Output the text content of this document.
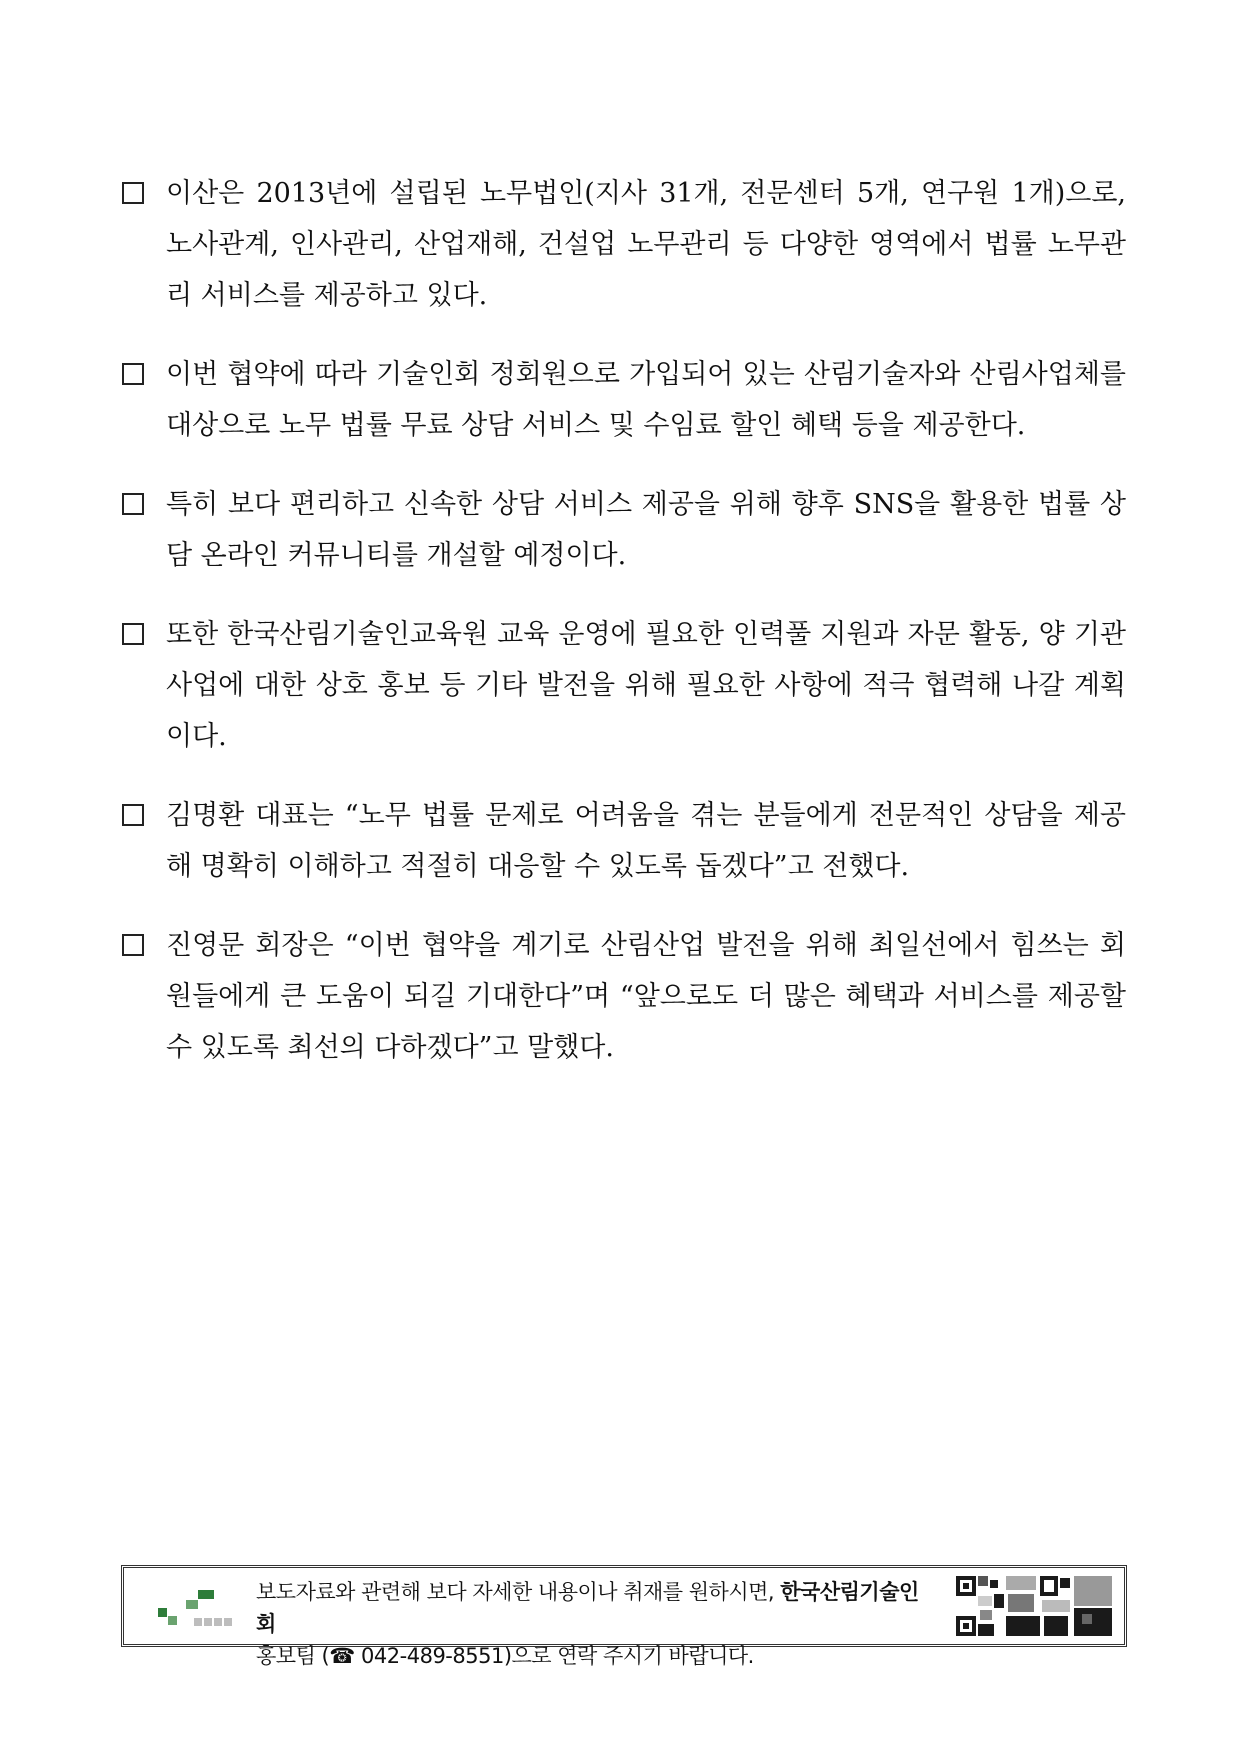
이산은 2013년에 설립된 노무법인(지사 31개, 전문센터 5개, 연구원 1개)으로, 노사관계, 인사관리, 산업재해, 건설업 노무관리 등 다양한 영역에서 법률 노무관리 서비스를 제공하고 있다.

이번 협약에 따라 기술인회 정회원으로 가입되어 있는 산림기술자와 산림사업체를 대상으로 노무 법률 무료 상담 서비스 및 수임료 할인 혜택 등을 제공한다.

특히 보다 편리하고 신속한 상담 서비스 제공을 위해 향후 SNS을 활용한 법률 상담 온라인 커뮤니티를 개설할 예정이다.

또한 한국산림기술인교육원 교육 운영에 필요한 인력풀 지원과 자문 활동, 양 기관 사업에 대한 상호 홍보 등 기타 발전을 위해 필요한 사항에 적극 협력해 나갈 계획이다.

김명환 대표는 “노무 법률 문제로 어려움을 겪는 분들에게 전문적인 상담을 제공해 명확히 이해하고 적절히 대응할 수 있도록 돕겠다”고 전했다.

진영문 회장은 “이번 협약을 계기로 산림산업 발전을 위해 최일선에서 힘쓰는 회원들에게 큰 도움이 되길 기대한다”며 “앞으로도 더 많은 혜택과 서비스를 제공할 수 있도록 최선의 다하겠다”고 말했다.

보도자료와 관련해 보다 자세한 내용이나 취재를 원하시면, 한국산림기술인회
홍보팀 (☎ 042-489-8551)으로 연락 주시기 바랍니다.
